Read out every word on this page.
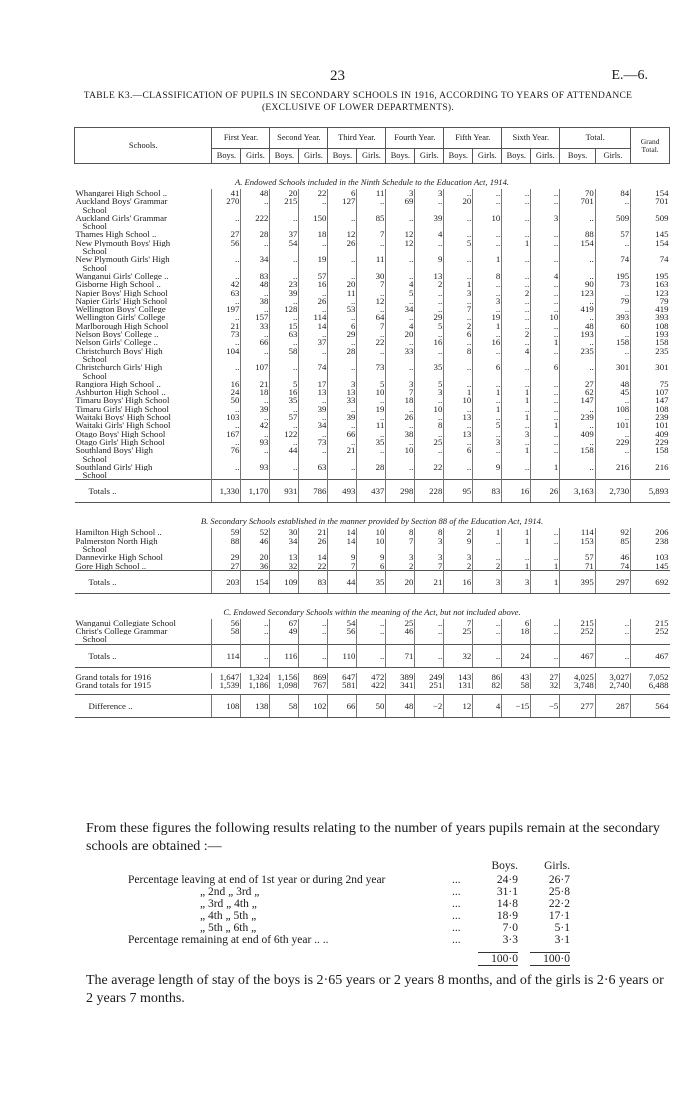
23	E.—6.
TABLE K3.—CLASSIFICATION OF PUPILS IN SECONDARY SCHOOLS IN 1916, ACCORDING TO YEARS OF ATTENDANCE
(EXCLUSIVE OF LOWER DEPARTMENTS).
Schools.	First Year.		Second Year.		Third Year.		Fourth Year.		Fifth Year.		Sixth Year.		Total.		Grand Total.
	Boys.	Girls.	Boys.	Girls.	Boys.	Girls.	Boys.	Girls.	Boys.	Girls.	Boys.	Girls.	Boys.	Girls.	
A. Endowed Schools included in the Ninth Schedule to the Education Act, 1914.															
Whangarei High School ..	41	48	20	22	6	11	3	3	..	..	..	..	70	84	154
Auckland Boys' Grammar	270	..	215	..	127	..	69	..	20	..	..	..	701	..	701
School															
Auckland Girls' Grammar	..	222	..	150	..	85	..	39	..	10	..	3	..	509	509
School															
Thames High School ..	27	28	37	18	12	7	12	4	..	..	..	..	88	57	145
New Plymouth Boys' High	56	..	54	..	26	..	12	..	5	..	1	..	154	..	154
School															
New Plymouth Girls' High	..	34	..	19	..	11	..	9	..	1	..	..	..	74	74
School															
Wanganui Girls' College ..	..	83	..	57	..	30	..	13	..	8	..	4	..	195	195
Gisborne High School ..	42	48	23	16	20	7	4	2	1	..	..	..	90	73	163
Napier Boys' High School	63	..	39	..	11	..	5	..	3	..	2	..	123	..	123
Napier Girls' High School	..	38	..	26	..	12	..	..	..	3	..	..	..	79	79
Wellington Boys' College	197	..	128	..	53	..	34	..	7	..	..	..	419	..	419
Wellington Girls' College	..	157	..	114	..	64	..	29	..	19	..	10	..	393	393
Marlborough High School	21	33	15	14	6	7	4	5	2	1	..	..	48	60	108
Nelson Boys' College ..	73	..	63	..	29	..	20	..	6	..	2	..	193	..	193
Nelson Girls' College ..	..	66	..	37	..	22	..	16	..	16	..	1	..	158	158
Christchurch Boys' High	104	..	58	..	28	..	33	..	8	..	4	..	235	..	235
School															
Christchurch Girls' High	..	107	..	74	..	73	..	35	..	6	..	6	..	301	301
School															
Rangiora High School ..	16	21	5	17	3	5	3	5	..	..	..	..	27	48	75
Ashburton High School ..	24	18	16	13	13	10	7	3	1	1	1	..	62	45	107
Timaru Boys' High School	50	..	35	..	33	..	18	..	10	..	1	..	147	..	147
Timaru Girls' High School	..	39	..	39	..	19	..	10	..	1	..	..	..	108	108
Waitaki Boys' High School	103	..	57	..	39	..	26	..	13	..	1	..	239	..	239
Waitaki Girls' High School	..	42	..	34	..	11	..	8	..	5	..	1	..	101	101
Otago Boys' High School	167	..	122	..	66	..	38	..	13	..	3	..	409	..	409
Otago Girls' High School	..	93	..	73	..	35	..	25	..	3	..	..	..	229	229
Southland Boys' High	76	..	44	..	21	..	10	..	6	..	1	..	158	..	158
School															
Southland Girls' High	..	93	..	63	..	28	..	22	..	9	..	1	..	216	216
School															
Totals ..	1,330	1,170	931	786	493	437	298	228	95	83	16	26	3,163	2,730	5,893
B. Secondary Schools established in the manner provided by Section 88 of the Education Act, 1914.															
Hamilton High School ..	59	52	30	21	14	10	8	8	2	1	1	..	114	92	206
Palmerston North High	88	46	34	26	14	10	7	3	9	..	1	..	153	85	238
School															
Dannevirke High School	29	20	13	14	9	9	3	3	3	..	..	..	57	46	103
Gore High School ..	27	36	32	22	7	6	2	7	2	2	1	1	71	74	145
Totals ..	203	154	109	83	44	35	20	21	16	3	3	1	395	297	692
C. Endowed Secondary Schools within the meaning of the Act, but not included above.															
Wanganui Collegiate School	56	..	67	..	54	..	25	..	7	..	6	..	215	..	215
Christ's College Grammar	58	..	49	..	56	..	46	..	25	..	18	..	252	..	252
School															
Totals ..	114	..	116	..	110	..	71	..	32	..	24	..	467	..	467

Grand totals for 1916	1,647	1,324	1,156	869	647	472	389	249	143	86	43	27	4,025	3,027	7,052
Grand totals for 1915	1,539	1,186	1,098	767	581	422	341	251	131	82	58	32	3,748	2,740	6,488

Difference ..	108	138	58	102	66	50	48	−2	12	4	−15	−5	277	287	564
From these figures the following results relating to the number of years pupils remain at the secondary schools are obtained :—
Boys.	Girls.
Percentage leaving at end of 1st year or during 2nd year	...	24·9	26·7
„ 2nd „ 3rd „	...	31·1	25·8
„ 3rd „ 4th „	...	14·8	22·2
„ 4th „ 5th „	...	18·9	17·1
„ 5th „ 6th „	...	7·0	5·1
Percentage remaining at end of 6th year .. ..	...	3·3	3·1
100·0	100·0
The average length of stay of the boys is 2·65 years or 2 years 8 months, and of the girls is 2·6 years or 2 years 7 months.
